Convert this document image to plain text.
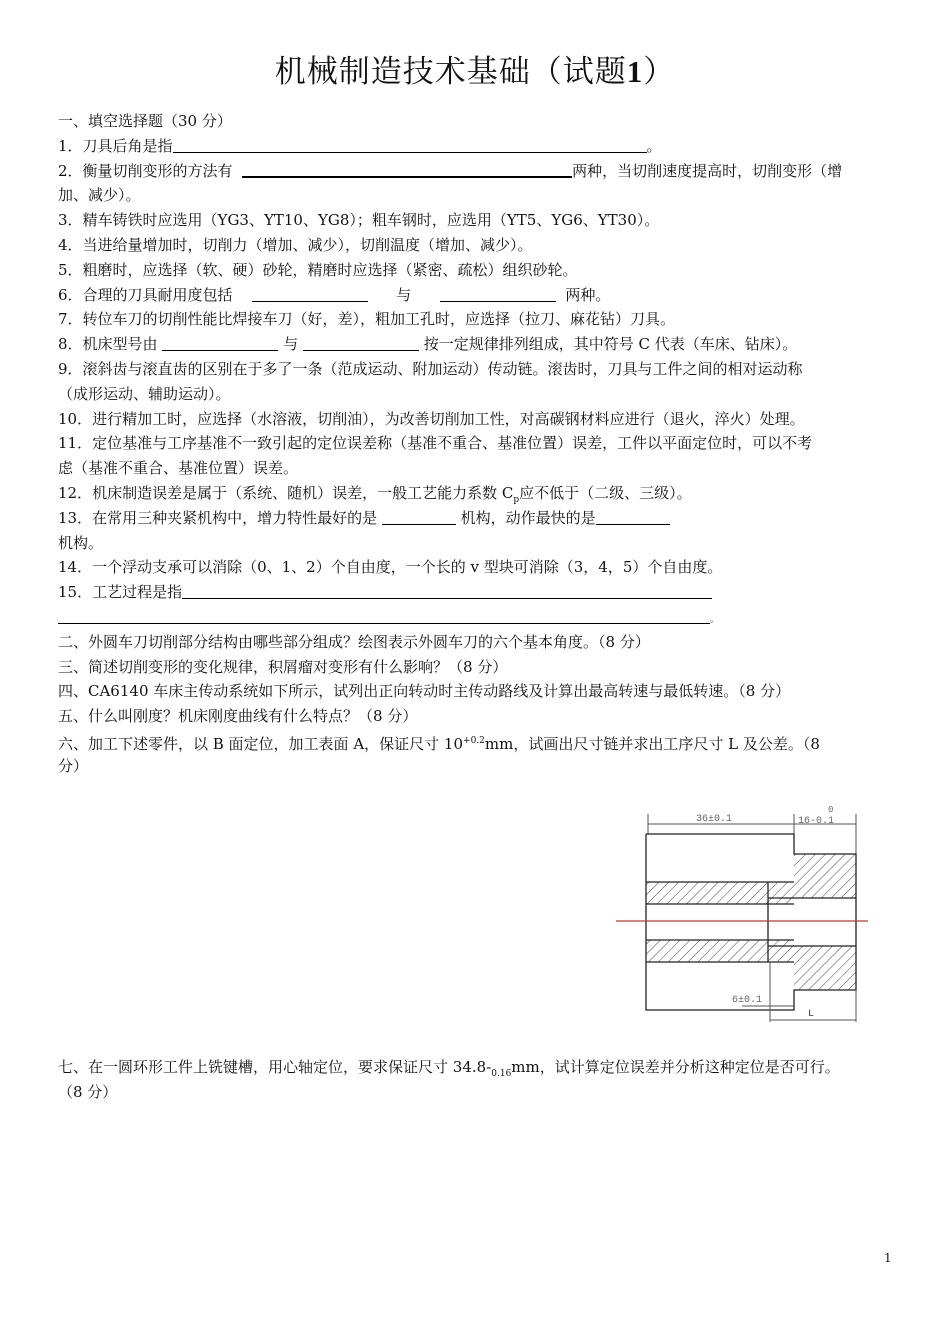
机械制造技术基础（试题1）
一、填空选择题（30 分）
1．刀具后角是指	。
2．衡量切削变形的方法有	两种，当切削速度提高时，切削变形（增
加、减少）。
3．精车铸铁时应选用（YG3、YT10、YG8）；粗车钢时，应选用（YT5、YG6、YT30）。
4．当进给量增加时，切削力（增加、减少），切削温度（增加、减少）。
5．粗磨时，应选择（软、硬）砂轮，精磨时应选择（紧密、疏松）组织砂轮。
6．合理的刀具耐用度包括	与	两种。
7．转位车刀的切削性能比焊接车刀（好，差），粗加工孔时，应选择（拉刀、麻花钻）刀具。
8．机床型号由	与	按一定规律排列组成，其中符号 C 代表（车床、钻床）。
9．滚斜齿与滚直齿的区别在于多了一条（范成运动、附加运动）传动链。滚齿时，刀具与工件之间的相对运动称
（成形运动、辅助运动）。
10．进行精加工时，应选择（水溶液，切削油），为改善切削加工性，对高碳钢材料应进行（退火，淬火）处理。
11．定位基准与工序基准不一致引起的定位误差称（基准不重合、基准位置）误差，工件以平面定位时，可以不考
虑（基准不重合、基准位置）误差。
12．机床制造误差是属于（系统、随机）误差，一般工艺能力系数 $C_p$应不低于（二级、三级）。
13．在常用三种夹紧机构中，增力特性最好的是	机构，动作最快的是
机构。
14．一个浮动支承可以消除（0、1、2）个自由度，一个长的 v 型块可消除（3，4，5）个自由度。
15．工艺过程是指
。
二、外圆车刀切削部分结构由哪些部分组成？绘图表示外圆车刀的六个基本角度。（8 分）
三、简述切削变形的变化规律，积屑瘤对变形有什么影响？（8 分）
四、CA6140 车床主传动系统如下所示，试列出正向转动时主传动路线及计算出最高转速与最低转速。（8 分）
五、什么叫刚度？机床刚度曲线有什么特点？（8 分）
六、加工下述零件，以 B 面定位，加工表面 A，保证尺寸 $10^{+0.2}mm$，试画出尺寸链并求出工序尺寸 L 及公差。（8
分）
36±0.1	16-0.1
0
6±0.1
L
七、在一圆环形工件上铣键槽，用心轴定位，要求保证尺寸 $34.8-_{0.16}mm$，试计算定位误差并分析这种定位是否可行。
（8 分）
1
